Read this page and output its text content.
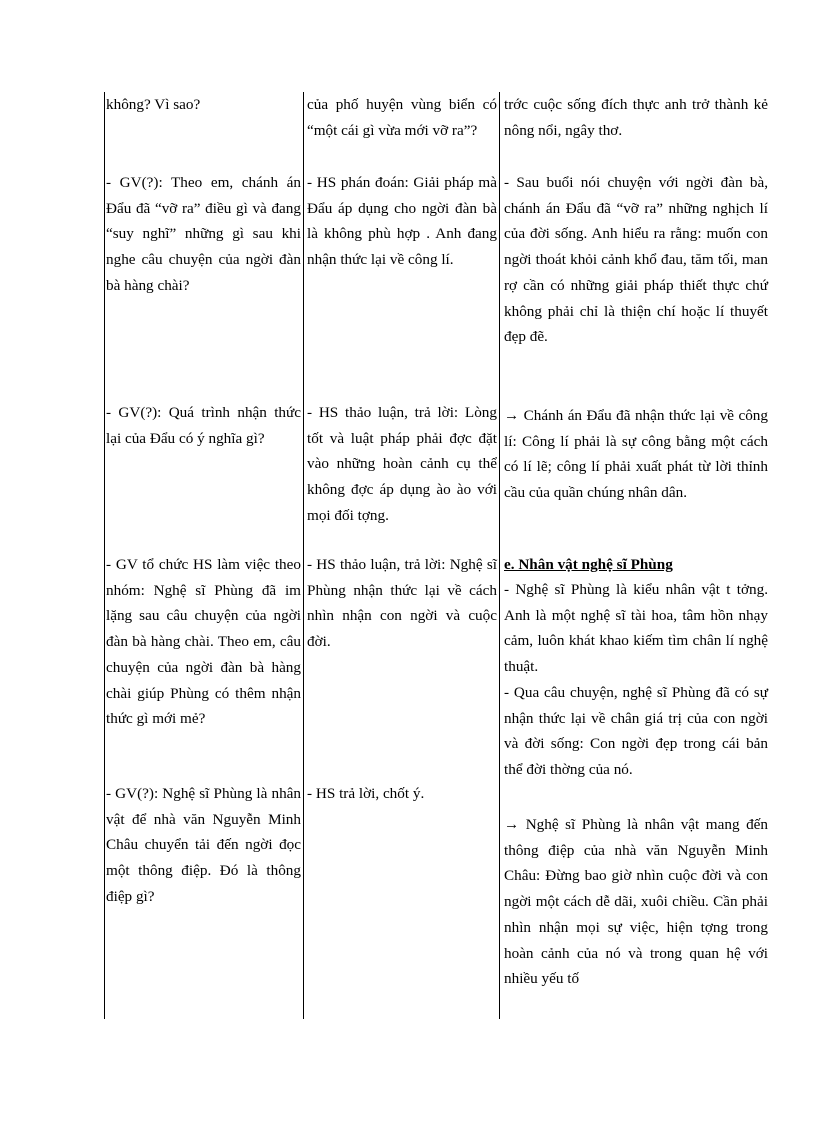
không? Vì sao?
- GV(?): Theo em, chánh án Đẩu đã “vỡ ra” điều gì và đang “suy nghĩ” những gì sau khi nghe câu chuyện của ngời đàn bà hàng chài?
- GV(?): Quá trình nhận thức lại của Đẩu có ý nghĩa gì?
- GV tổ chức HS làm việc theo nhóm: Nghệ sĩ Phùng đã im lặng sau câu chuyện của ngời đàn bà hàng chài. Theo em, câu chuyện của ngời đàn bà hàng chài giúp Phùng có thêm nhận thức gì mới mẻ?
- GV(?): Nghệ sĩ Phùng là nhân vật để nhà văn Nguyễn Minh Châu chuyển tải đến ngời đọc một thông điệp. Đó là thông điệp gì?
của phố huyện vùng biển có “một cái gì vừa mới vỡ ra”?
- HS phán đoán: Giải pháp mà Đẩu áp dụng cho ngời đàn bà là không phù hợp . Anh đang nhận thức lại về công lí.
- HS thảo luận, trả lời: Lòng tốt và luật pháp phải đợc đặt vào những hoàn cảnh cụ thể không đợc áp dụng ào ào với mọi đối tợng.
- HS thảo luận, trả lời: Nghệ sĩ Phùng nhận thức lại về cách nhìn nhận con ngời và cuộc đời.
- HS trả lời, chốt ý.
trớc cuộc sống đích thực anh trở thành kẻ nông nổi, ngây thơ.
- Sau buổi nói chuyện với ngời đàn bà, chánh án Đẩu đã “vỡ ra” những nghịch lí của đời sống. Anh hiểu ra rằng: muốn con ngời thoát khỏi cảnh khổ đau, tăm tối, man rợ cần có những giải pháp thiết thực chứ không phải chỉ là thiện chí hoặc lí thuyết đẹp đẽ.
→ Chánh án Đẩu đã nhận thức lại về công lí: Công lí phải là sự công bằng một cách có lí lẽ; công lí phải xuất phát từ lời thỉnh cầu của quần chúng nhân dân.
e. Nhân vật nghệ sĩ Phùng
- Nghệ sĩ Phùng là kiểu nhân vật t tởng. Anh là một nghệ sĩ tài hoa, tâm hồn nhạy cảm, luôn khát khao kiếm tìm chân lí nghệ thuật.
- Qua câu chuyện, nghệ sĩ Phùng đã có sự nhận thức lại về chân giá trị của con ngời và đời sống: Con ngời đẹp trong cái bản thể đời thờng của nó.
→ Nghệ sĩ Phùng là nhân vật mang đến thông điệp của nhà văn Nguyễn Minh Châu: Đừng bao giờ nhìn cuộc đời và con ngời một cách dễ dãi, xuôi chiều. Cần phải nhìn nhận mọi sự việc, hiện tợng trong hoàn cảnh của nó và trong quan hệ với nhiều yếu tố
